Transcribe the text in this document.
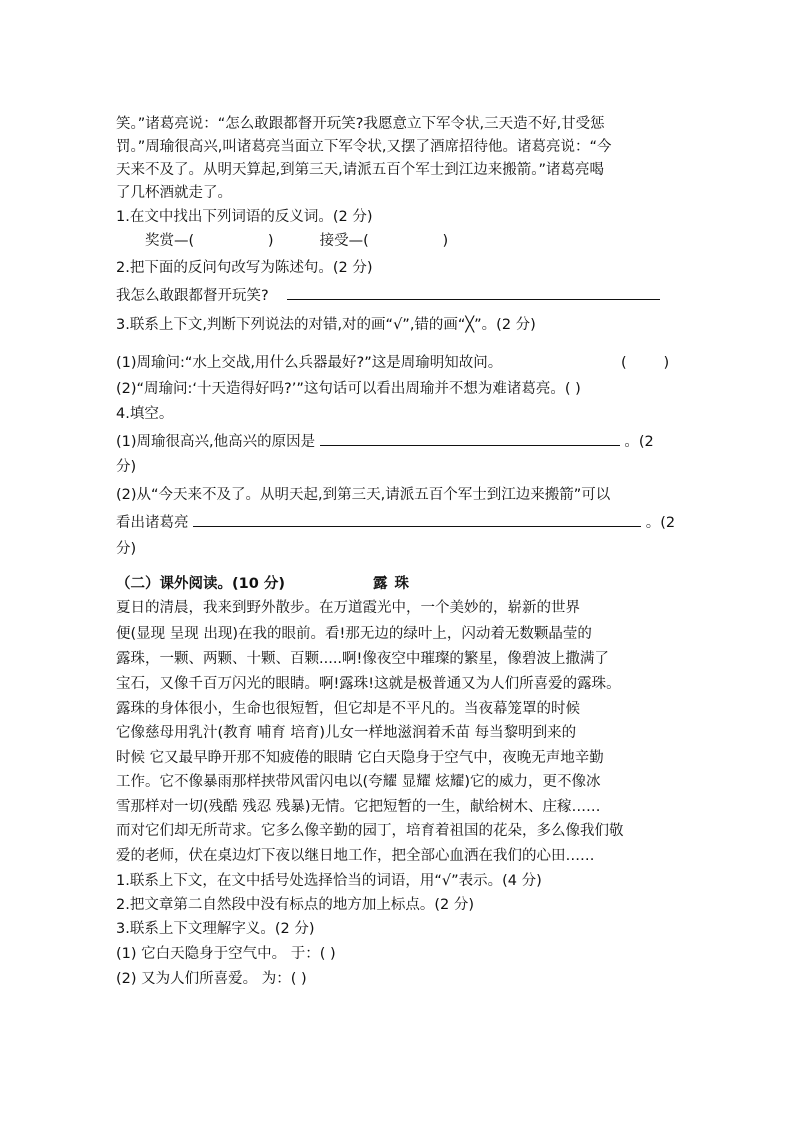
笑。”诸葛亮说：“怎么敢跟都督开玩笑?我愿意立下军令状,三天造不好,甘受惩
罚。”周瑜很高兴,叫诸葛亮当面立下军令状,又摆了酒席招待他。诸葛亮说：“今
天来不及了。从明天算起,到第三天,请派五百个军士到江边来搬箭。”诸葛亮喝
了几杯酒就走了。
1.在文中找出下列词语的反义词。(2 分)
奖赏—(                )          接受—(                )
2.把下面的反问句改写为陈述句。(2 分)
我怎么敢跟都督开玩笑?
3.联系上下文,判断下列说法的对错,对的画“√”,错的画“╳”。(2 分)
(1)周瑜问:“水上交战,用什么兵器最好?”这是周瑜明知故问。	(        )
(2)“周瑜问:‘十天造得好吗?’”这句话可以看出周瑜并不想为难诸葛亮。( )
4.填空。
(1)周瑜很高兴,他高兴的原因是	。(2
分)
(2)从“今天来不及了。从明天起,到第三天,请派五百个军士到江边来搬箭”可以
看出诸葛亮	。(2
分)
（二）课外阅读。(10 分)	露 珠
夏日的清晨，我来到野外散步。在万道霞光中，一个美妙的，崭新的世界
便(显现 呈现 出现)在我的眼前。看!那无边的绿叶上，闪动着无数颗晶莹的
露珠，一颗、两颗、十颗、百颗.....啊!像夜空中璀璨的繁星，像碧波上撒满了
宝石，又像千百万闪光的眼睛。啊!露珠!这就是极普通又为人们所喜爱的露珠。
露珠的身体很小，生命也很短暂，但它却是不平凡的。当夜幕笼罩的时候
它像慈母用乳汁(教育 哺育 培育)儿女一样地滋润着禾苗 每当黎明到来的
时候 它又最早睁开那不知疲倦的眼睛 它白天隐身于空气中，夜晚无声地辛勤
工作。它不像暴雨那样挟带风雷闪电以(夸耀 显耀 炫耀)它的威力，更不像冰
雪那样对一切(残酷 残忍 残暴)无情。它把短暂的一生，献给树木、庄稼……
而对它们却无所苛求。它多么像辛勤的园丁，培育着祖国的花朵，多么像我们敬
爱的老师，伏在桌边灯下夜以继日地工作，把全部心血洒在我们的心田……
1.联系上下文，在文中括号处选择恰当的词语，用“√”表示。(4 分)
2.把文章第二自然段中没有标点的地方加上标点。(2 分)
3.联系上下文理解字义。(2 分)
(1) 它白天隐身于空气中。 于：( )
(2) 又为人们所喜爱。 为：( )
